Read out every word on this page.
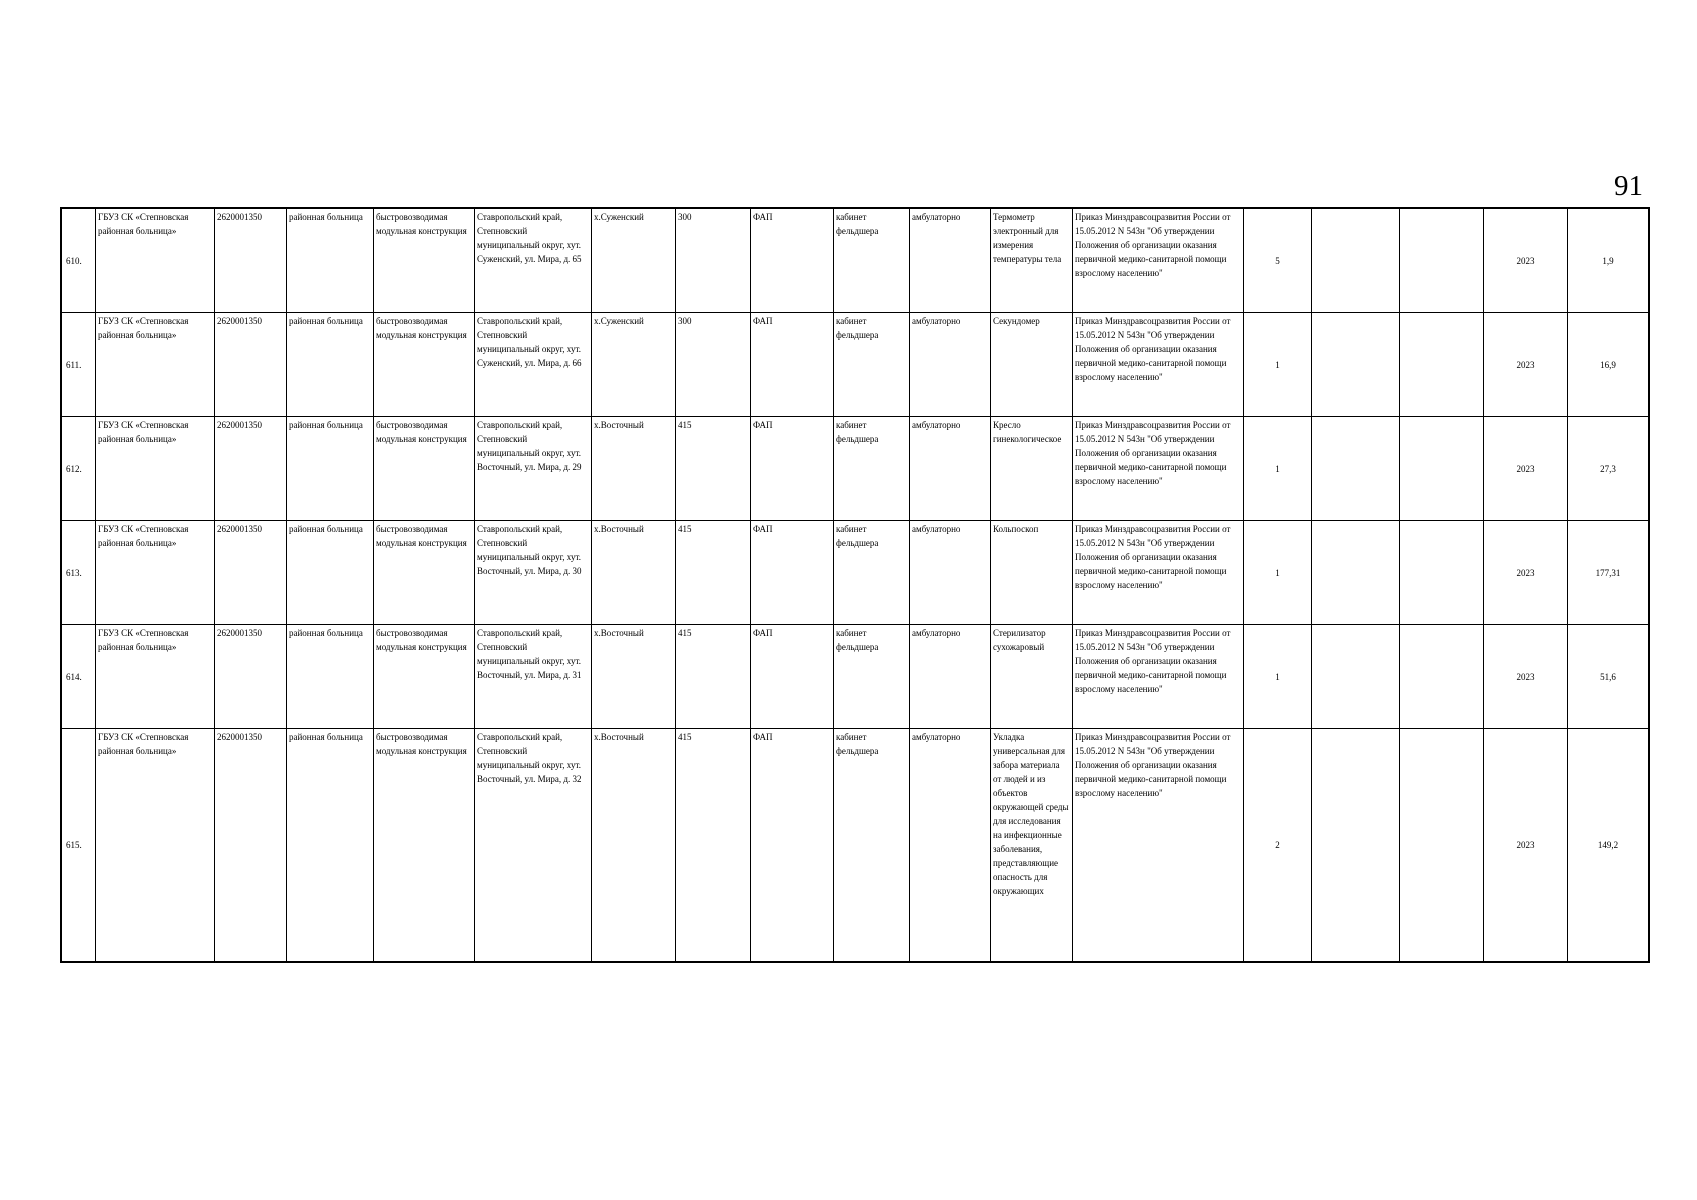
91
610.	ГБУЗ СК «Степновская районная больница»	2620001350	районная больница	быстровозводимая модульная конструкция	Ставропольский край, Степновский муниципальный округ, хут. Суженский, ул. Мира, д. 65	х.Суженский	300	ФАП	кабинет фельдшера	амбулаторно	Термометр электронный для измерения температуры тела	Приказ Минздравсоцразвития России от 15.05.2012 N 543н "Об утверждении Положения об организации оказания первичной медико-санитарной помощи взрослому населению"	5			2023	1,9
611.	ГБУЗ СК «Степновская районная больница»	2620001350	районная больница	быстровозводимая модульная конструкция	Ставропольский край, Степновский муниципальный округ, хут. Суженский, ул. Мира, д. 66	х.Суженский	300	ФАП	кабинет фельдшера	амбулаторно	Секундомер	Приказ Минздравсоцразвития России от 15.05.2012 N 543н "Об утверждении Положения об организации оказания первичной медико-санитарной помощи взрослому населению"	1			2023	16,9
612.	ГБУЗ СК «Степновская районная больница»	2620001350	районная больница	быстровозводимая модульная конструкция	Ставропольский край, Степновский муниципальный округ, хут. Восточный, ул. Мира, д. 29	х.Восточный	415	ФАП	кабинет фельдшера	амбулаторно	Кресло гинекологическое	Приказ Минздравсоцразвития России от 15.05.2012 N 543н "Об утверждении Положения об организации оказания первичной медико-санитарной помощи взрослому населению"	1			2023	27,3
613.	ГБУЗ СК «Степновская районная больница»	2620001350	районная больница	быстровозводимая модульная конструкция	Ставропольский край, Степновский муниципальный округ, хут. Восточный, ул. Мира, д. 30	х.Восточный	415	ФАП	кабинет фельдшера	амбулаторно	Кольпоскоп	Приказ Минздравсоцразвития России от 15.05.2012 N 543н "Об утверждении Положения об организации оказания первичной медико-санитарной помощи взрослому населению"	1			2023	177,31
614.	ГБУЗ СК «Степновская районная больница»	2620001350	районная больница	быстровозводимая модульная конструкция	Ставропольский край, Степновский муниципальный округ, хут. Восточный, ул. Мира, д. 31	х.Восточный	415	ФАП	кабинет фельдшера	амбулаторно	Стерилизатор сухожаровый	Приказ Минздравсоцразвития России от 15.05.2012 N 543н "Об утверждении Положения об организации оказания первичной медико-санитарной помощи взрослому населению"	1			2023	51,6
615.	ГБУЗ СК «Степновская районная больница»	2620001350	районная больница	быстровозводимая модульная конструкция	Ставропольский край, Степновский муниципальный округ, хут. Восточный, ул. Мира, д. 32	х.Восточный	415	ФАП	кабинет фельдшера	амбулаторно	Укладка универсальная для забора материала от людей и из объектов окружающей среды для исследования на инфекционные заболевания, представляющие опасность для окружающих	Приказ Минздравсоцразвития России от 15.05.2012 N 543н "Об утверждении Положения об организации оказания первичной медико-санитарной помощи взрослому населению"	2			2023	149,2
